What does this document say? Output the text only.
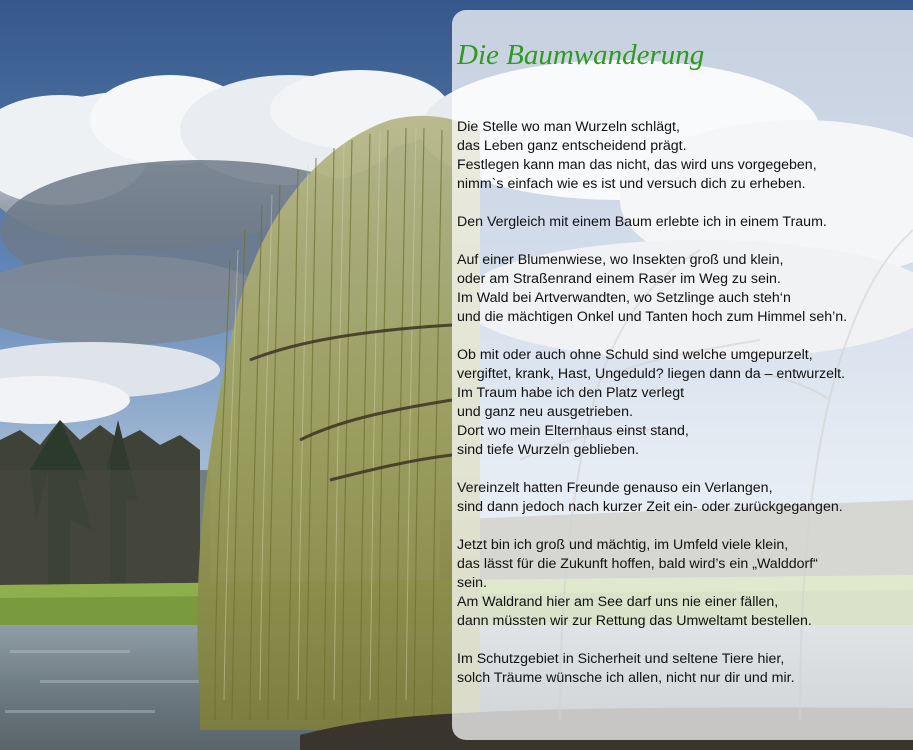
Die Baumwanderung

Die Stelle wo man Wurzeln schlägt,
das Leben ganz entscheidend prägt.
Festlegen kann man das nicht, das wird uns vorgegeben,
nimm`s einfach wie es ist und versuch dich zu erheben.

Den Vergleich mit einem Baum erlebte ich in einem Traum.

Auf einer Blumenwiese, wo Insekten groß und klein,
oder am Straßenrand einem Raser im Weg zu sein.
Im Wald bei Artverwandten, wo Setzlinge auch steh‘n
und die mächtigen Onkel und Tanten hoch zum Himmel seh’n.

Ob mit oder auch ohne Schuld sind welche umgepurzelt,
vergiftet, krank, Hast, Ungeduld? liegen dann da – entwurzelt.
Im Traum habe ich den Platz verlegt
und ganz neu ausgetrieben.
Dort wo mein Elternhaus einst stand,
sind tiefe Wurzeln geblieben.

Vereinzelt hatten Freunde genauso ein Verlangen,
sind dann jedoch nach kurzer Zeit ein- oder zurückgegangen.

Jetzt bin ich groß und mächtig, im Umfeld viele klein,
das lässt für die Zukunft hoffen, bald wird’s ein „Walddorf“
sein.
Am Waldrand hier am See darf uns nie einer fällen,
dann müssten wir zur Rettung das Umweltamt bestellen.

Im Schutzgebiet in Sicherheit und seltene Tiere hier,
solch Träume wünsche ich allen, nicht nur dir und mir.
